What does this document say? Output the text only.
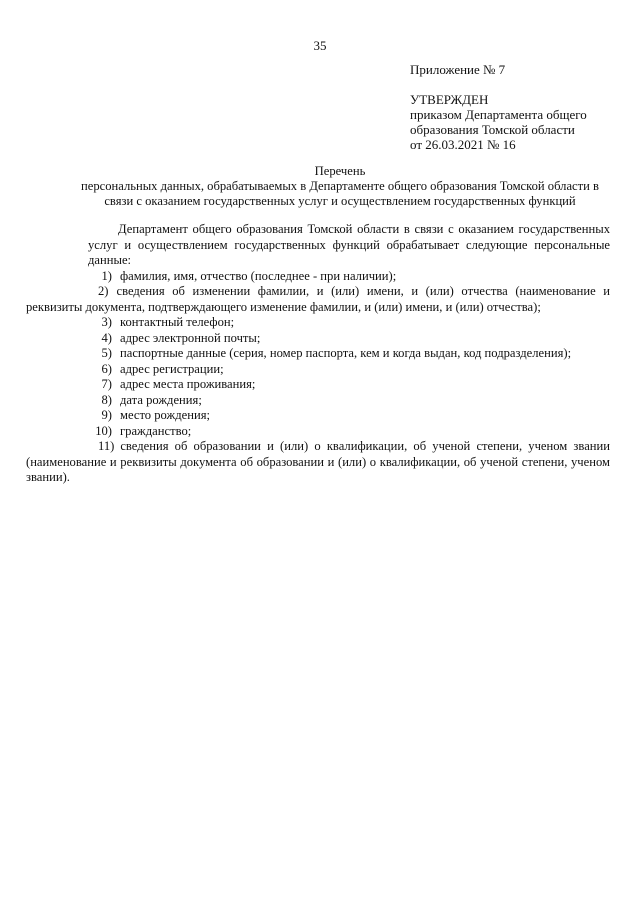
35
Приложение № 7
УТВЕРЖДЕН
приказом Департамента общего
образования Томской области
от 26.03.2021 № 16
Перечень
персональных данных, обрабатываемых в Департаменте общего образования Томской области в
связи с оказанием государственных услуг и осуществлением государственных функций

Департамент общего образования Томской области в связи с оказанием государственных услуг и осуществлением государственных функций обрабатывает следующие персональные данные:

1) фамилия, имя, отчество (последнее - при наличии);
2) сведения об изменении фамилии, и (или) имени, и (или) отчества (наименование и реквизиты документа, подтверждающего изменение фамилии, и (или) имени, и (или) отчества);
3) контактный телефон;
4) адрес электронной почты;
5) паспортные данные (серия, номер паспорта, кем и когда выдан, код подразделения);
6) адрес регистрации;
7) адрес места проживания;
8) дата рождения;
9) место рождения;
10) гражданство;
11) сведения об образовании и (или) о квалификации, об ученой степени, ученом звании (наименование и реквизиты документа об образовании и (или) о квалификации, об ученой степени, ученом звании).
